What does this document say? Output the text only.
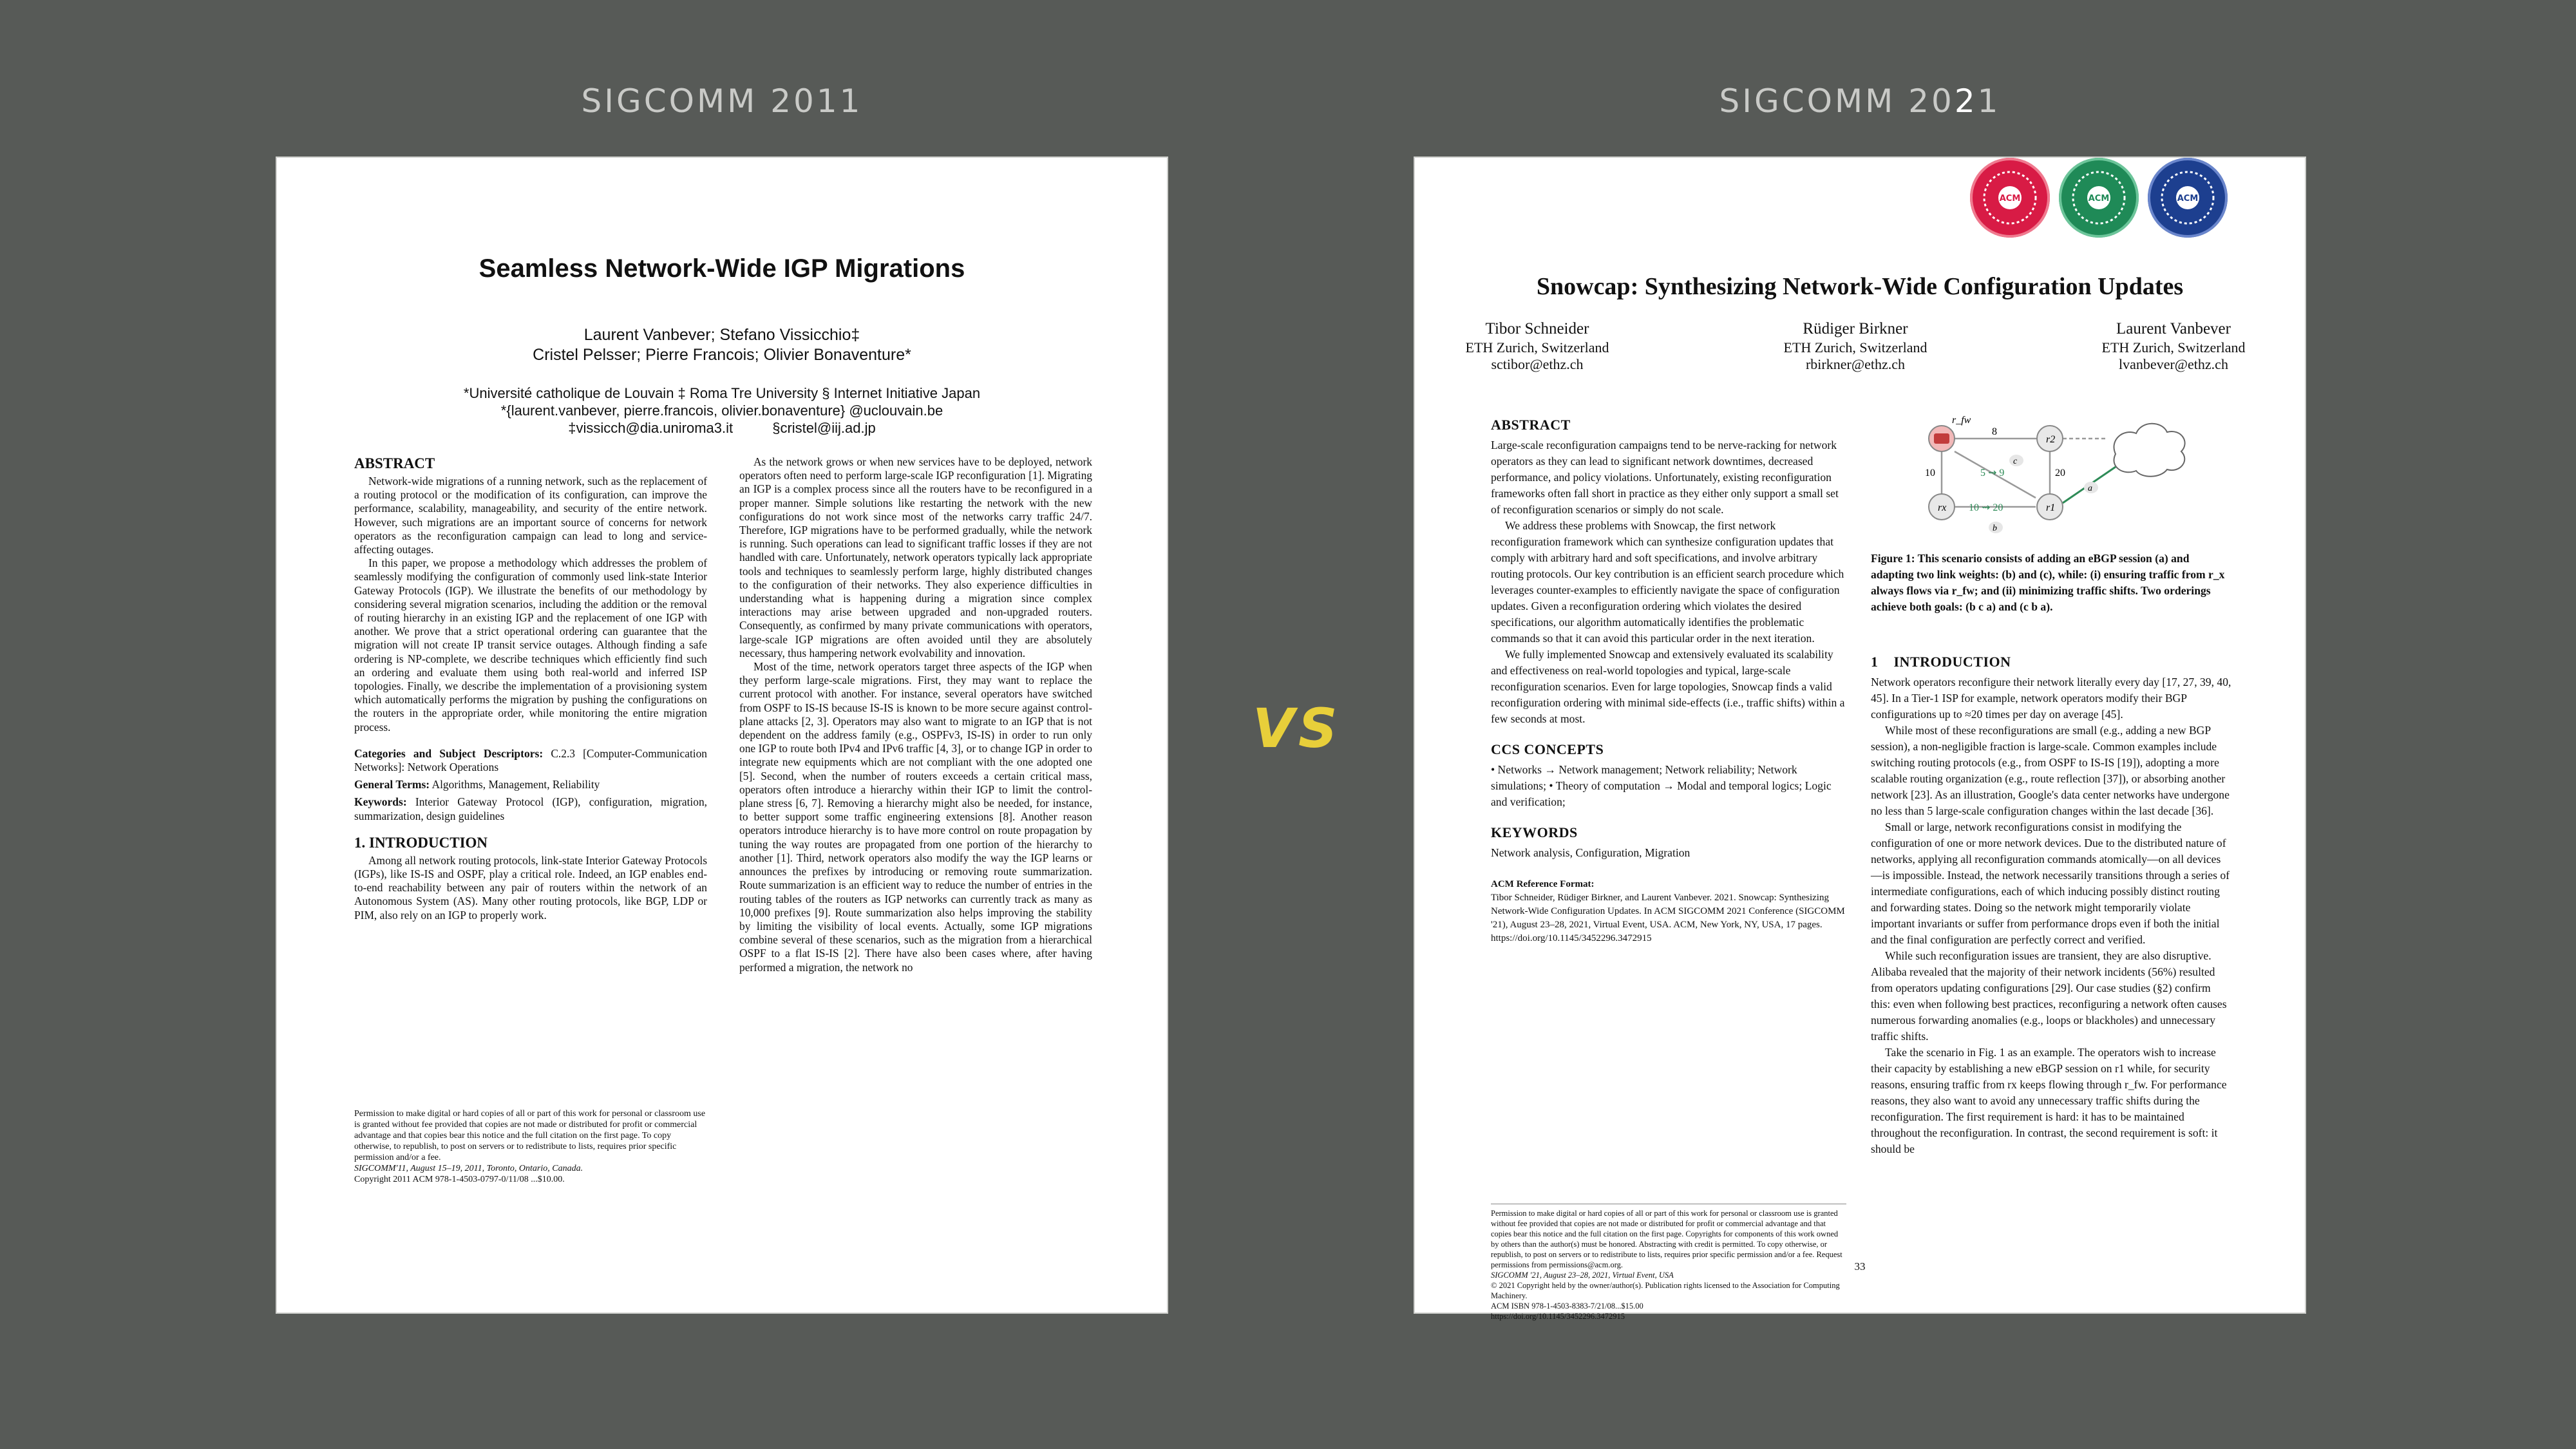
SIGCOMM 2011	SIGCOMM 2021
VS
Seamless Network-Wide IGP Migrations
Laurent Vanbever; Stefano Vissicchio‡
Cristel Pelsser; Pierre Francois; Olivier Bonaventure*
*Université catholique de Louvain ‡ Roma Tre University § Internet Initiative Japan
*{laurent.vanbever, pierre.francois, olivier.bonaventure} @uclouvain.be
‡vissicch@dia.uniroma3.it          §cristel@iij.ad.jp
ABSTRACT

Network-wide migrations of a running network, such as the replacement of a routing protocol or the modification of its configuration, can improve the performance, scalability, manageability, and security of the entire network. However, such migrations are an important source of concerns for network operators as the reconfiguration campaign can lead to long and service-affecting outages.

In this paper, we propose a methodology which addresses the problem of seamlessly modifying the configuration of commonly used link-state Interior Gateway Protocols (IGP). We illustrate the benefits of our methodology by considering several migration scenarios, including the addition or the removal of routing hierarchy in an existing IGP and the replacement of one IGP with another. We prove that a strict operational ordering can guarantee that the migration will not create IP transit service outages. Although finding a safe ordering is NP-complete, we describe techniques which efficiently find such an ordering and evaluate them using both real-world and inferred ISP topologies. Finally, we describe the implementation of a provisioning system which automatically performs the migration by pushing the configurations on the routers in the appropriate order, while monitoring the entire migration process.

Categories and Subject Descriptors: C.2.3 [Computer-Communication Networks]: Network Operations

General Terms: Algorithms, Management, Reliability

Keywords: Interior Gateway Protocol (IGP), configuration, migration, summarization, design guidelines

1. INTRODUCTION

Among all network routing protocols, link-state Interior Gateway Protocols (IGPs), like IS-IS and OSPF, play a critical role. Indeed, an IGP enables end-to-end reachability between any pair of routers within the network of an Autonomous System (AS). Many other routing protocols, like BGP, LDP or PIM, also rely on an IGP to properly work.

Permission to make digital or hard copies of all or part of this work for personal or classroom use is granted without fee provided that copies are not made or distributed for profit or commercial advantage and that copies bear this notice and the full citation on the first page. To copy otherwise, to republish, to post on servers or to redistribute to lists, requires prior specific permission and/or a fee.
SIGCOMM'11, August 15–19, 2011, Toronto, Ontario, Canada.
Copyright 2011 ACM 978-1-4503-0797-0/11/08 ...$10.00.

As the network grows or when new services have to be deployed, network operators often need to perform large-scale IGP reconfiguration [1]. Migrating an IGP is a complex process since all the routers have to be reconfigured in a proper manner. Simple solutions like restarting the network with the new configurations do not work since most of the networks carry traffic 24/7. Therefore, IGP migrations have to be performed gradually, while the network is running. Such operations can lead to significant traffic losses if they are not handled with care. Unfortunately, network operators typically lack appropriate tools and techniques to seamlessly perform large, highly distributed changes to the configuration of their networks. They also experience difficulties in understanding what is happening during a migration since complex interactions may arise between upgraded and non-upgraded routers. Consequently, as confirmed by many private communications with operators, large-scale IGP migrations are often avoided until they are absolutely necessary, thus hampering network evolvability and innovation.

Most of the time, network operators target three aspects of the IGP when they perform large-scale migrations. First, they may want to replace the current protocol with another. For instance, several operators have switched from OSPF to IS-IS because IS-IS is known to be more secure against control-plane attacks [2, 3]. Operators may also want to migrate to an IGP that is not dependent on the address family (e.g., OSPFv3, IS-IS) in order to run only one IGP to route both IPv4 and IPv6 traffic [4, 3], or to change IGP in order to integrate new equipments which are not compliant with the one adopted one [5]. Second, when the number of routers exceeds a certain critical mass, operators often introduce a hierarchy within their IGP to limit the control-plane stress [6, 7]. Removing a hierarchy might also be needed, for instance, to better support some traffic engineering extensions [8]. Another reason operators introduce hierarchy is to have more control on route propagation by tuning the way routes are propagated from one portion of the hierarchy to another [1]. Third, network operators also modify the way the IGP learns or announces the prefixes by introducing or removing route summarization. Route summarization is an efficient way to reduce the number of entries in the routing tables of the routers as IGP networks can currently track as many as 10,000 prefixes [9]. Route summarization also helps improving the stability by limiting the visibility of local events. Actually, some IGP migrations combine several of these scenarios, such as the migration from a hierarchical OSPF to a flat IS-IS [2]. There have also been cases where, after having performed a migration, the network no

ACM	ACM	ACM
Snowcap: Synthesizing Network-Wide Configuration Updates
Tibor Schneider
ETH Zurich, Switzerland
sctibor@ethz.ch
Rüdiger Birkner
ETH Zurich, Switzerland
rbirkner@ethz.ch
Laurent Vanbever
ETH Zurich, Switzerland
lvanbever@ethz.ch
ABSTRACT

Large-scale reconfiguration campaigns tend to be nerve-racking for network operators as they can lead to significant network downtimes, decreased performance, and policy violations. Unfortunately, existing reconfiguration frameworks often fall short in practice as they either only support a small set of reconfiguration scenarios or simply do not scale.

We address these problems with Snowcap, the first network reconfiguration framework which can synthesize configuration updates that comply with arbitrary hard and soft specifications, and involve arbitrary routing protocols. Our key contribution is an efficient search procedure which leverages counter-examples to efficiently navigate the space of configuration updates. Given a reconfiguration ordering which violates the desired specifications, our algorithm automatically identifies the problematic commands so that it can avoid this particular order in the next iteration.

We fully implemented Snowcap and extensively evaluated its scalability and effectiveness on real-world topologies and typical, large-scale reconfiguration scenarios. Even for large topologies, Snowcap finds a valid reconfiguration ordering with minimal side-effects (i.e., traffic shifts) within a few seconds at most.

CCS CONCEPTS

• Networks → Network management; Network reliability; Network simulations; • Theory of computation → Modal and temporal logics; Logic and verification;

KEYWORDS

Network analysis, Configuration, Migration

ACM Reference Format:

Tibor Schneider, Rüdiger Birkner, and Laurent Vanbever. 2021. Snowcap: Synthesizing Network-Wide Configuration Updates. In ACM SIGCOMM 2021 Conference (SIGCOMM '21), August 23–28, 2021, Virtual Event, USA. ACM, New York, NY, USA, 17 pages. https://doi.org/10.1145/3452296.3472915

Permission to make digital or hard copies of all or part of this work for personal or classroom use is granted without fee provided that copies are not made or distributed for profit or commercial advantage and that copies bear this notice and the full citation on the first page. Copyrights for components of this work owned by others than the author(s) must be honored. Abstracting with credit is permitted. To copy otherwise, or republish, to post on servers or to redistribute to lists, requires prior specific permission and/or a fee. Request permissions from permissions@acm.org.
SIGCOMM '21, August 23–28, 2021, Virtual Event, USA
© 2021 Copyright held by the owner/author(s). Publication rights licensed to the Association for Computing Machinery.
ACM ISBN 978-1-4503-8383-7/21/08...$15.00
https://doi.org/10.1145/3452296.3472915
r_fw
r2
rx	r1
8
10	5 ⇝ 9	20
10 ⇝ 20
a
b
c

Figure 1: This scenario consists of adding an eBGP session (a) and adapting two link weights: (b) and (c), while: (i) ensuring traffic from r_x always flows via r_fw; and (ii) minimizing traffic shifts. Two orderings achieve both goals: (b c a) and (c b a).

1    INTRODUCTION

Network operators reconfigure their network literally every day [17, 27, 39, 40, 45]. In a Tier-1 ISP for example, network operators modify their BGP configurations up to ≈20 times per day on average [45].

While most of these reconfigurations are small (e.g., adding a new BGP session), a non-negligible fraction is large-scale. Common examples include switching routing protocols (e.g., from OSPF to IS-IS [19]), adopting a more scalable routing organization (e.g., route reflection [37]), or absorbing another network [23]. As an illustration, Google's data center networks have undergone no less than 5 large-scale configuration changes within the last decade [36].

Small or large, network reconfigurations consist in modifying the configuration of one or more network devices. Due to the distributed nature of networks, applying all reconfiguration commands atomically—on all devices—is impossible. Instead, the network necessarily transitions through a series of intermediate configurations, each of which inducing possibly distinct routing and forwarding states. Doing so the network might temporarily violate important invariants or suffer from performance drops even if both the initial and the final configuration are perfectly correct and verified.

While such reconfiguration issues are transient, they are also disruptive. Alibaba revealed that the majority of their network incidents (56%) resulted from operators updating configurations [29]. Our case studies (§2) confirm this: even when following best practices, reconfiguring a network often causes numerous forwarding anomalies (e.g., loops or blackholes) and unnecessary traffic shifts.

Take the scenario in Fig. 1 as an example. The operators wish to increase their capacity by establishing a new eBGP session on r1 while, for security reasons, ensuring traffic from rx keeps flowing through r_fw. For performance reasons, they also want to avoid any unnecessary traffic shifts during the reconfiguration. The first requirement is hard: it has to be maintained throughout the reconfiguration. In contrast, the second requirement is soft: it should be

33
